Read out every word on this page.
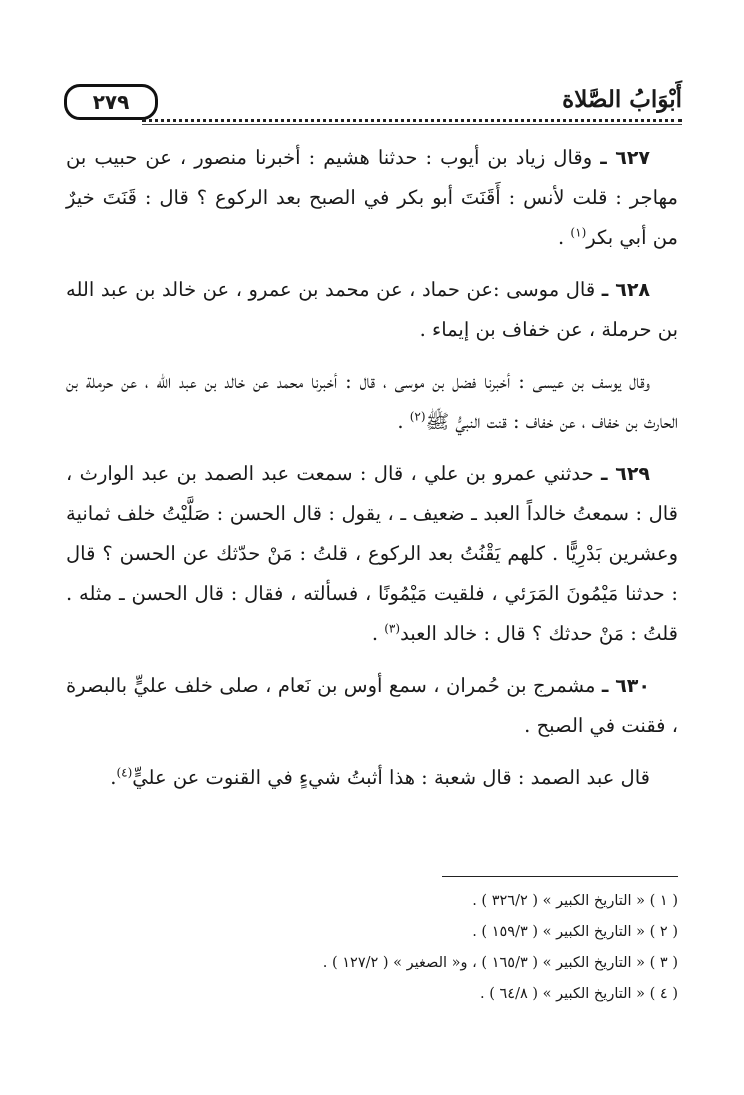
أَبْوَابُ الصَّلاة
٢٧٩

٦٢٧ ـ وقال زياد بن أيوب : حدثنا هشيم : أخبرنا منصور ، عن حبيب بن مهاجر : قلت لأنس : أَقَنَتَ أبو بكر في الصبح بعد الركوع ؟ قال : قَنَتَ خيرٌ من أبي بكر$^{(١)}$ .

٦٢٨ ـ قال موسى :عن حماد ، عن محمد بن عمرو ، عن خالد بن عبد الله بن حرملة ، عن خفاف بن إيماء .

وقال يوسف بن عيسى : أخبرنا فضل بن موسى ، قال : أخبرنا محمد عن خالد بن عبد الله ، عن حرملة بن الحارث بن خفاف ، عن خفاف : قنت النبيُّ ﷺ$^{(٢)}$ .

٦٢٩ ـ حدثني عمرو بن علي ، قال : سمعت عبد الصمد بن عبد الوارث ، قال : سمعتُ خالداً العبد ـ ضعيف ـ ، يقول : قال الحسن : صَلَّيْتُ خلف ثمانية وعشرين بَدْرِيًّا . كلهم يَقْنُتُ بعد الركوع ، قلتُ : مَنْ حدّثك عن الحسن ؟ قال : حدثنا مَيْمُونَ المَرَئي ، فلقيت مَيْمُونًا ، فسألته ، فقال : قال الحسن ـ مثله . قلتُ : مَنْ حدثك ؟ قال : خالد العبد$^{(٣)}$ .

٦٣٠ ـ مشمرج بن حُمران ، سمع أوس بن نَعام ، صلى خلف عليٍّ بالبصرة ، فقنت في الصبح .

قال عبد الصمد : قال شعبة : هذا أثبتُ شيءٍ في القنوت عن عليٍّ$^{(٤)}$.

( ١ ) « التاريخ الكبير » ( ٣٢٦/٢ ) .

( ٢ ) « التاريخ الكبير » ( ١٥٩/٣ ) .

( ٣ ) « التاريخ الكبير » ( ١٦٥/٣ ) ، و« الصغير » ( ١٢٧/٢ ) .

( ٤ ) « التاريخ الكبير » ( ٦٤/٨ ) .
